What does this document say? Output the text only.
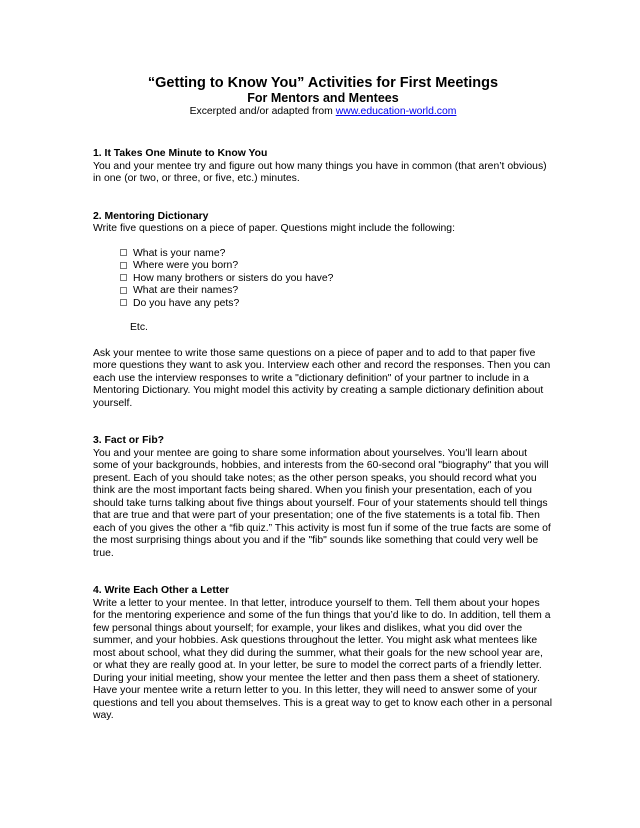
“Getting to Know You” Activities for First Meetings

For Mentors and Mentees

Excerpted and/or adapted from www.education-world.com

1. It Takes One Minute to Know You

You and your mentee try and figure out how many things you have in common (that aren’t obvious) in one (or two, or three, or five, etc.) minutes.

2. Mentoring Dictionary

Write five questions on a piece of paper. Questions might include the following:

What is your name?
Where were you born?
How many brothers or sisters do you have?
What are their names?
Do you have any pets?

Etc.

Ask your mentee to write those same questions on a piece of paper and to add to that paper five more questions they want to ask you. Interview each other and record the responses. Then you can each use the interview responses to write a "dictionary definition" of your partner to include in a Mentoring Dictionary. You might model this activity by creating a sample dictionary definition about yourself.

3. Fact or Fib?

You and your mentee are going to share some information about yourselves. You’ll learn about some of your backgrounds, hobbies, and interests from the 60-second oral "biography" that you will present. Each of you should take notes; as the other person speaks, you should record what you think are the most important facts being shared. When you finish your presentation, each of you should take turns talking about five things about yourself. Four of your statements should tell things that are true and that were part of your presentation; one of the five statements is a total fib. Then each of you gives the other a “fib quiz.” This activity is most fun if some of the true facts are some of the most surprising things about you and if the "fib" sounds like something that could very well be true.

4. Write Each Other a Letter

Write a letter to your mentee. In that letter, introduce yourself to them. Tell them about your hopes for the mentoring experience and some of the fun things that you’d like to do. In addition, tell them a few personal things about yourself; for example, your likes and dislikes, what you did over the summer, and your hobbies. Ask questions throughout the letter. You might ask what mentees like most about school, what they did during the summer, what their goals for the new school year are, or what they are really good at. In your letter, be sure to model the correct parts of a friendly letter. During your initial meeting, show your mentee the letter and then pass them a sheet of stationery. Have your mentee write a return letter to you. In this letter, they will need to answer some of your questions and tell you about themselves. This is a great way to get to know each other in a personal way.
